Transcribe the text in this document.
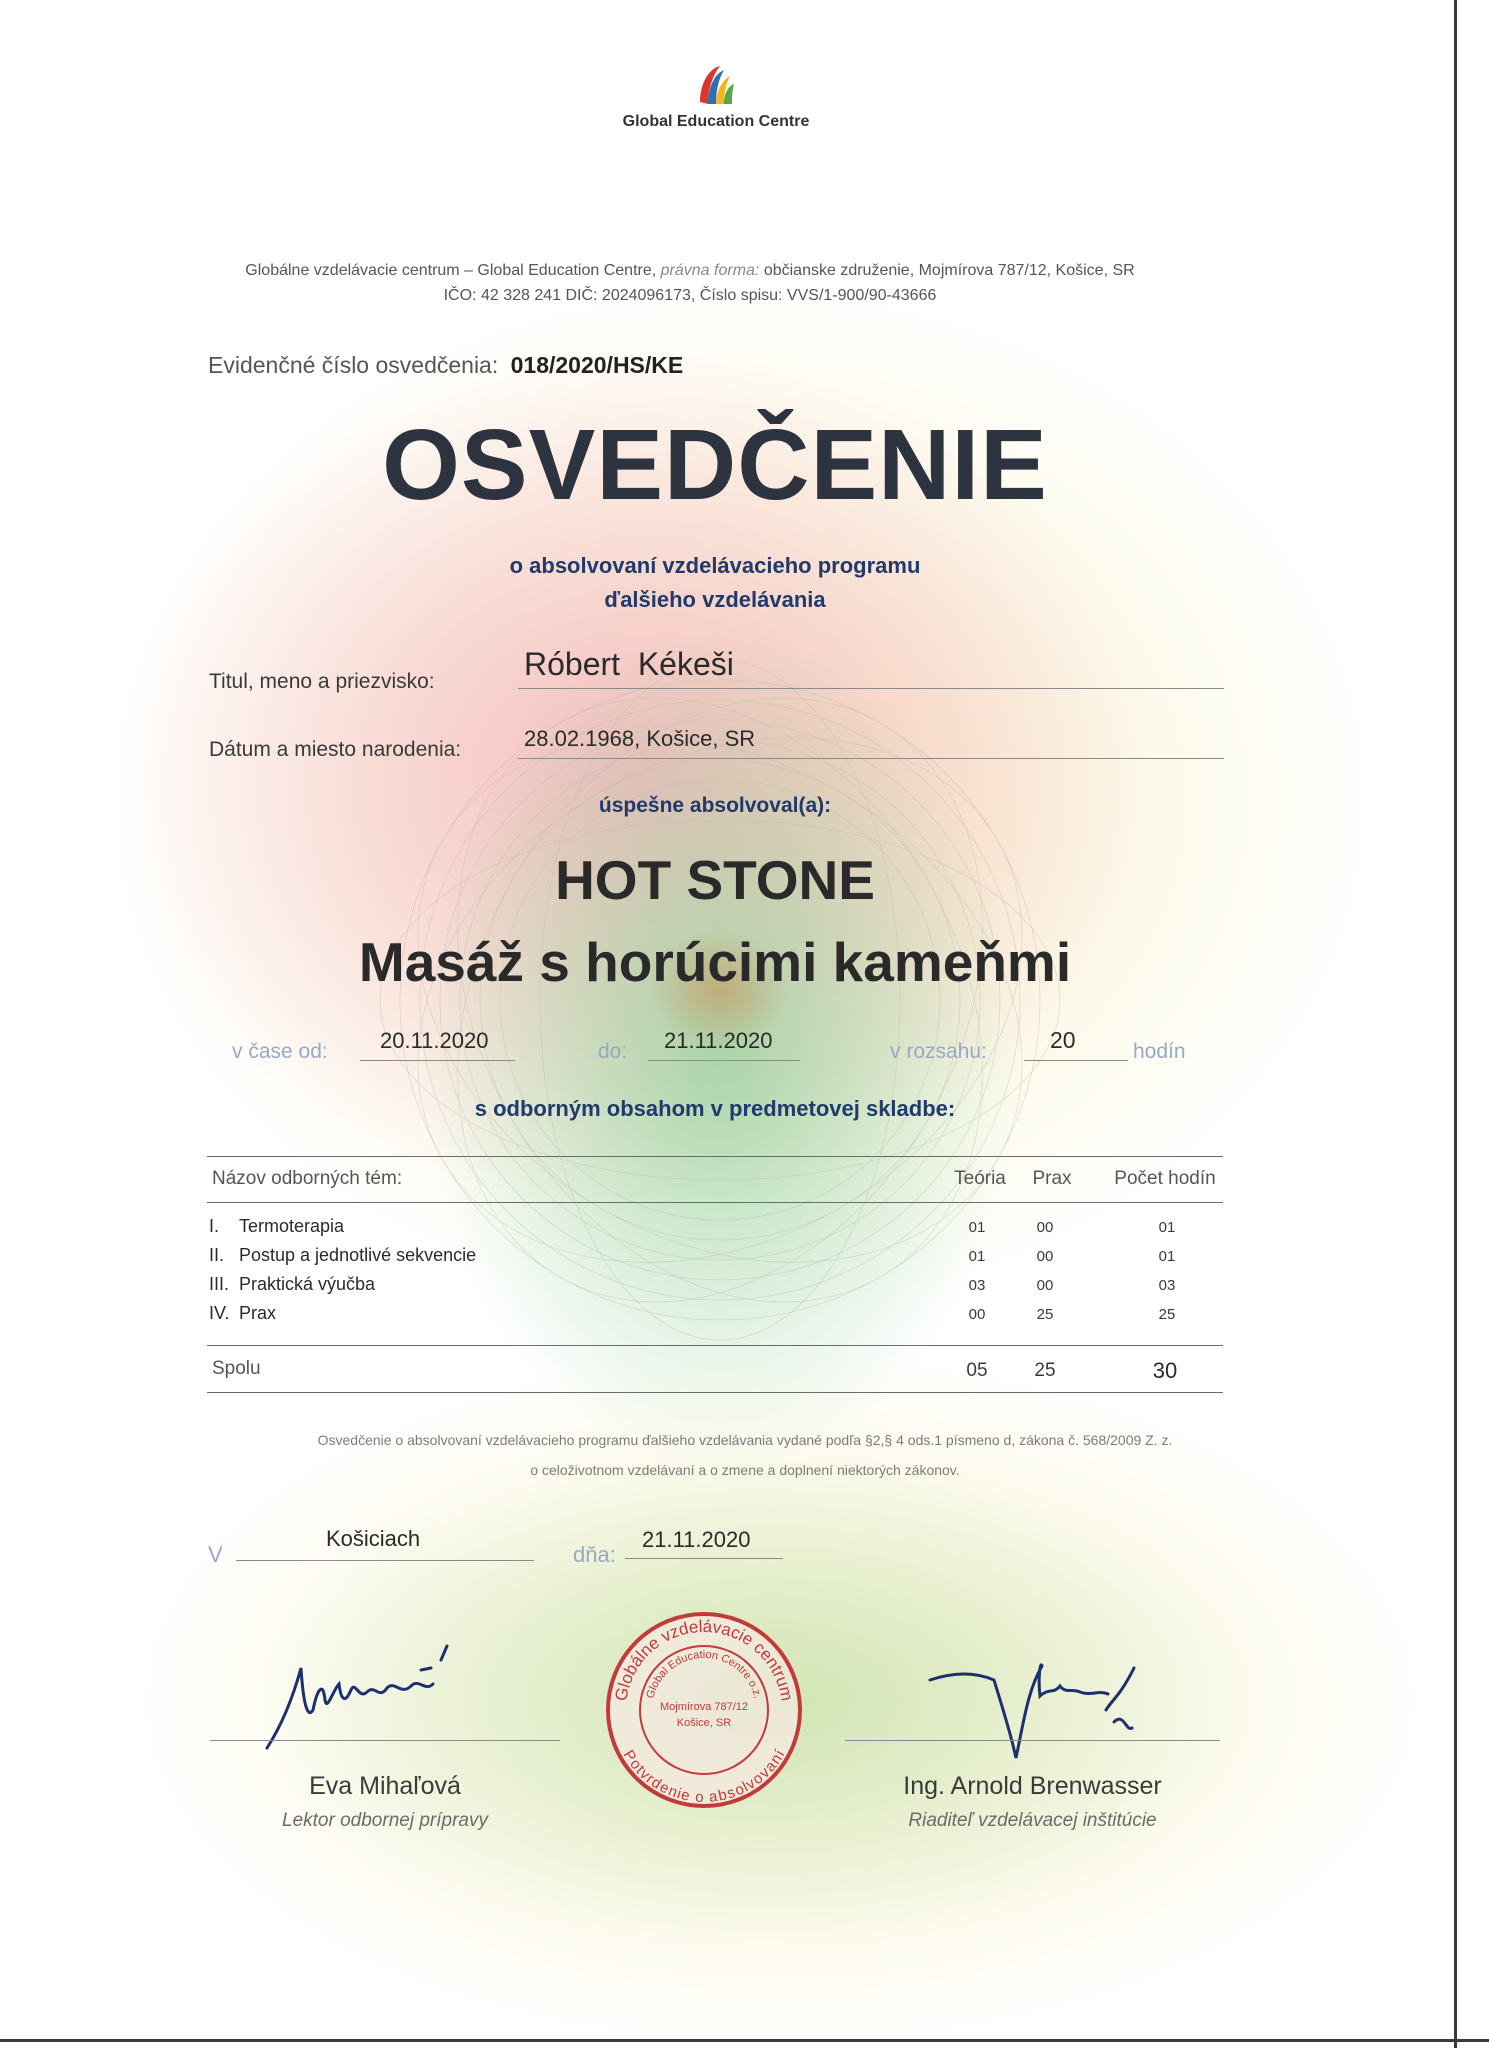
Global Education Centre
Globálne vzdelávacie centrum – Global Education Centre, právna forma: občianske združenie, Mojmírova 787/12, Košice, SR
IČO: 42 328 241 DIČ: 2024096173, Číslo spisu: VVS/1-900/90-43666
Evidenčné číslo osvedčenia: 018/2020/HS/KE
OSVEDČENIE
o absolvovaní vzdelávacieho programu
ďalšieho vzdelávania
Titul, meno a priezvisko:	Róbert  Kékeši
Dátum a miesto narodenia:	28.02.1968, Košice, SR
úspešne absolvoval(a):
HOT STONE
Masáž s horúcimi kameňmi
v čase od: 20.11.2020	do: 21.11.2020	v rozsahu:	20	hodín
s odborným obsahom v predmetovej skladbe:
Názov odborných tém:	Teória	Prax	Počet hodín
I. Termoterapia	01	00	01
II. Postup a jednotlivé sekvencie	01	00	01
III. Praktická výučba	03	00	03
IV. Prax	00	25	25
Spolu	05	25	30
Osvedčenie o absolvovaní vzdelávacieho programu ďalšieho vzdelávania vydané podľa §2,§ 4 ods.1 písmeno d, zákona č. 568/2009 Z. z.
o celoživotnom vzdelávaní a o zmene a doplnení niektorých zákonov.
V
Košiciach
dňa:
21.11.2020
Eva Mihaľová
Lektor odbornej prípravy
Globálne vzdelávacie centrum
Potvrdenie o absolvovaní
Global Education Centre o.z.
Mojmírova 787/12
Košice, SR
Ing. Arnold Brenwasser
Riaditeľ vzdelávacej inštitúcie
